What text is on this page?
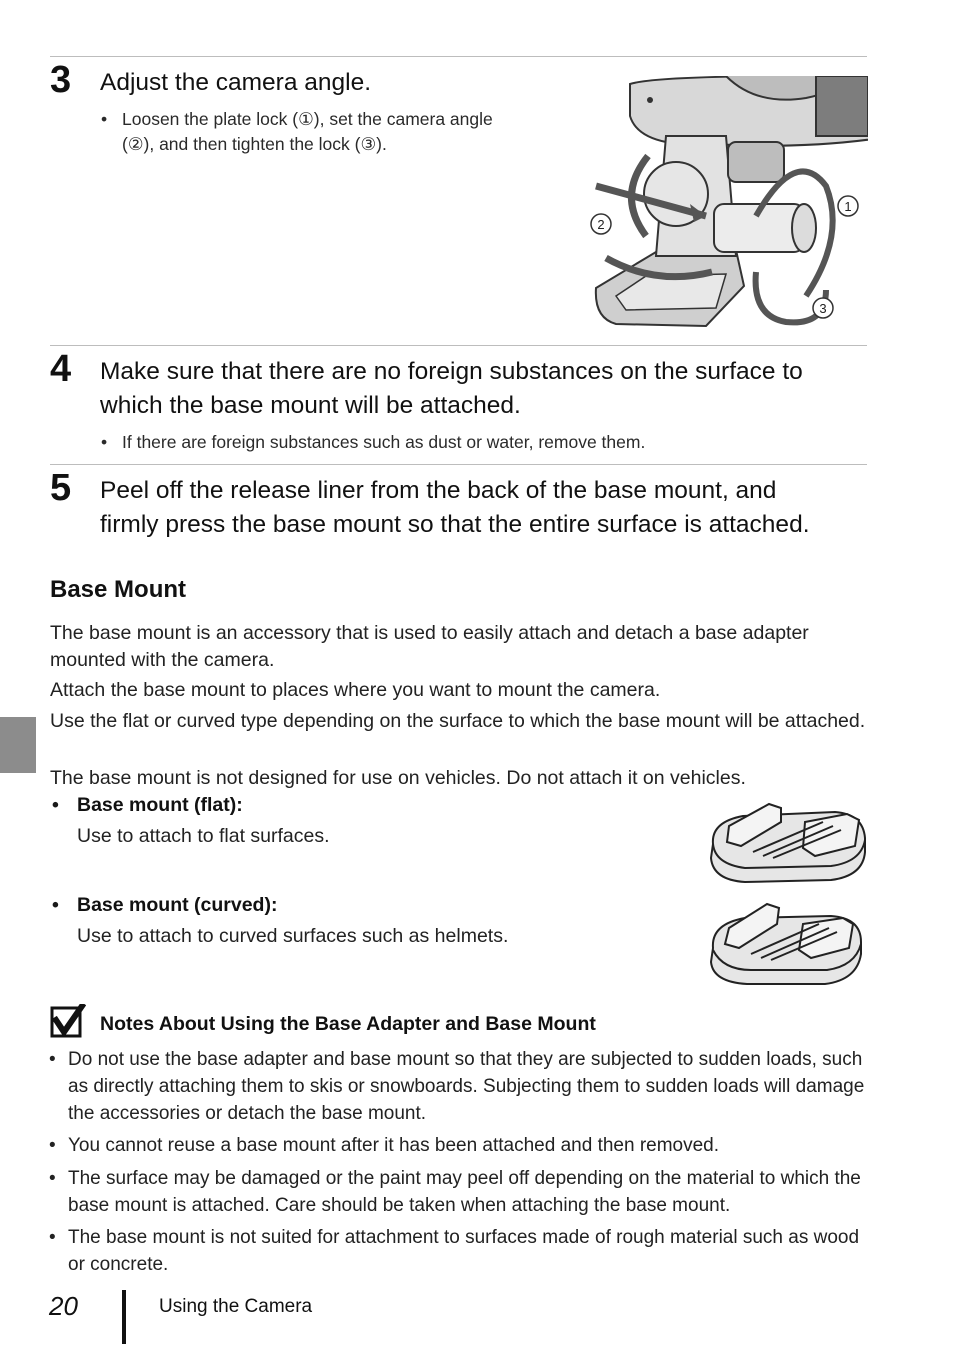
3 Adjust the camera angle.
• Loosen the plate lock (①), set the camera angle
(②), and then tighten the lock (③).
1
2
3
4 Make sure that there are no foreign substances on the surface to
which the base mount will be attached.
• If there are foreign substances such as dust or water, remove them.
5 Peel off the release liner from the back of the base mount, and
firmly press the base mount so that the entire surface is attached.
Base Mount
The base mount is an accessory that is used to easily attach and detach a base adapter mounted with the camera.
Attach the base mount to places where you want to mount the camera.
Use the flat or curved type depending on the surface to which the base mount will be attached.
The base mount is not designed for use on vehicles. Do not attach it on vehicles.
• Base mount (flat):
Use to attach to flat surfaces.
• Base mount (curved):
Use to attach to curved surfaces such as helmets.
Notes About Using the Base Adapter and Base Mount
• Do not use the base adapter and base mount so that they are subjected to sudden loads, such as directly attaching them to skis or snowboards. Subjecting them to sudden loads will damage the accessories or detach the base mount.
• You cannot reuse a base mount after it has been attached and then removed.
• The surface may be damaged or the paint may peel off depending on the material to which the base mount is attached. Care should be taken when attaching the base mount.
• The base mount is not suited for attachment to surfaces made of rough material such as wood or concrete.
20	Using the Camera
